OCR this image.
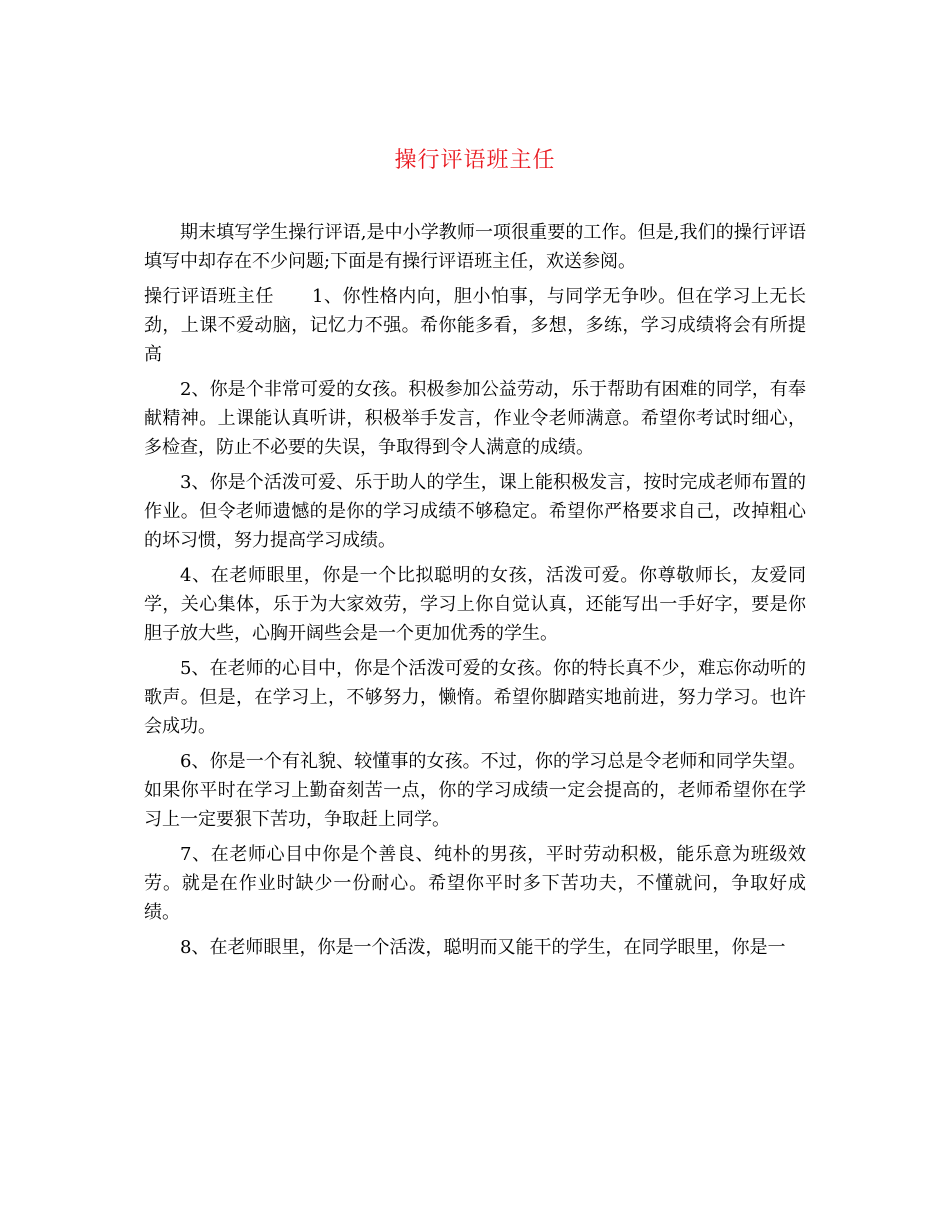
操行评语班主任

期末填写学生操行评语,是中小学教师一项很重要的工作。但是,我们的操行评语填写中却存在不少问题;下面是有操行评语班主任，欢送参阅。

操行评语班主任 1、你性格内向，胆小怕事，与同学无争吵。但在学习上无长劲，上课不爱动脑，记忆力不强。希你能多看，多想，多练，学习成绩将会有所提高

2、你是个非常可爱的女孩。积极参加公益劳动，乐于帮助有困难的同学，有奉献精神。上课能认真听讲，积极举手发言，作业令老师满意。希望你考试时细心，多检查，防止不必要的失误，争取得到令人满意的成绩。

3、你是个活泼可爱、乐于助人的学生，课上能积极发言，按时完成老师布置的作业。但令老师遗憾的是你的学习成绩不够稳定。希望你严格要求自己，改掉粗心的坏习惯，努力提高学习成绩。

4、在老师眼里，你是一个比拟聪明的女孩，活泼可爱。你尊敬师长，友爱同学，关心集体，乐于为大家效劳，学习上你自觉认真，还能写出一手好字，要是你胆子放大些，心胸开阔些会是一个更加优秀的学生。

5、在老师的心目中，你是个活泼可爱的女孩。你的特长真不少，难忘你动听的歌声。但是，在学习上，不够努力，懒惰。希望你脚踏实地前进，努力学习。也许会成功。

6、你是一个有礼貌、较懂事的女孩。不过，你的学习总是令老师和同学失望。如果你平时在学习上勤奋刻苦一点，你的学习成绩一定会提高的，老师希望你在学习上一定要狠下苦功，争取赶上同学。

7、在老师心目中你是个善良、纯朴的男孩，平时劳动积极，能乐意为班级效劳。就是在作业时缺少一份耐心。希望你平时多下苦功夫，不懂就问，争取好成绩。

8、在老师眼里，你是一个活泼，聪明而又能干的学生，在同学眼里，你是一
